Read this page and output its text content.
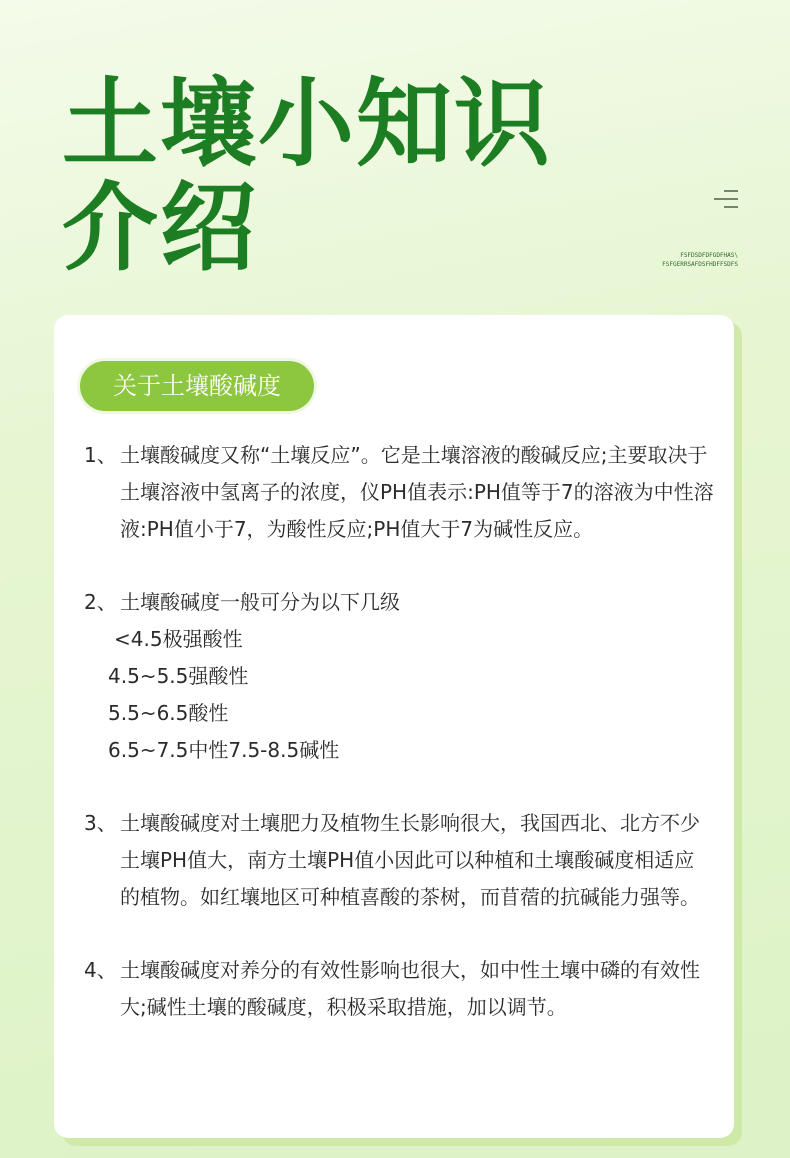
土壤小知识
介绍	FSFDSDFDFGDFHAS\
FSFGERRSAFDSFHDFFSDFS
关于土壤酸碱度
1、 土壤酸碱度又称“土壤反应”。它是土壤溶液的酸碱反应;主要取决于土壤溶液中氢离子的浓度，仪PH值表示:PH值等于7的溶液为中性溶液:PH值小于7，为酸性反应;PH值大于7为碱性反应。
2、 土壤酸碱度一般可分为以下几级
<4.5极强酸性
4.5~5.5强酸性
5.5~6.5酸性
6.5~7.5中性7.5-8.5碱性
3、 土壤酸碱度对土壤肥力及植物生长影响很大，我国西北、北方不少土壤PH值大，南方土壤PH值小因此可以种植和土壤酸碱度相适应的植物。如红壤地区可种植喜酸的茶树，而苜蓿的抗碱能力强等。
4、 土壤酸碱度对养分的有效性影响也很大，如中性土壤中磷的有效性大;碱性土壤的酸碱度，积极采取措施，加以调节。
